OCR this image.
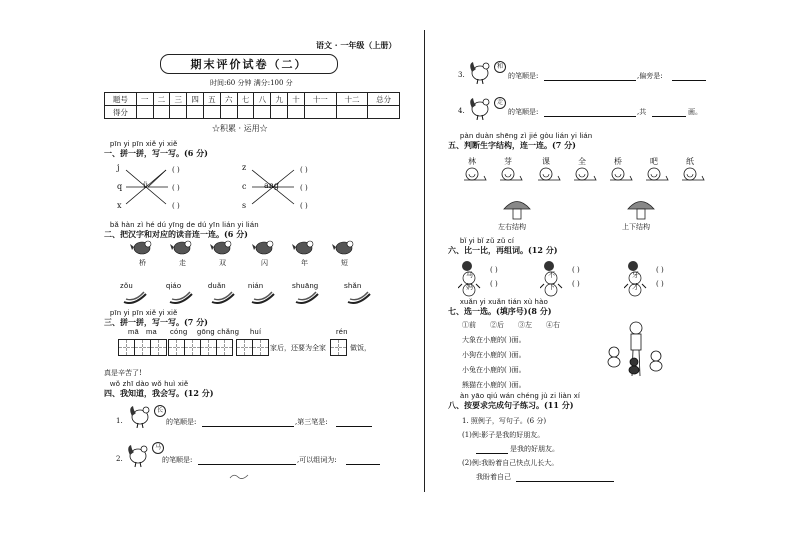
语文 · 一年级（上册）
期末评价试卷（二）
时间:60 分钟 满分:100 分
题号	一	二	三	四	五	六	七	八	九	十	十一	十二	总分
得分													
☆积累 · 运用☆
pīn yi pīn xiě yi xiě
一、拼一拼，写一写。(6 分)
j
q
x
ü
( )
( )
( )
z
c
s
ang
( )
( )
( )
bǎ hàn zì hé dú yīng de dú yīn lián yi lián
二、把汉字和对应的读音连一连。(6 分)
桥	走	双	闪	年	短
zǒu	qiáo	duǎn	nián	shuāng	shǎn
pīn yi pīn xiě yi xiě
三、拼一拼，写一写。(7 分)
mā ma cóng gōng chǎng huí	rén
家后，还要为全家	做饭，
真是辛苦了!
wǒ zhī dào wǒ huì xiě
四、我知道，我会写。(12 分)
1.
长
的笔顺是:	,第三笔是:
2.
马
的笔顺是:	,可以组词为:
3.
和
的笔顺是:	,偏旁是:
4.
走
的笔顺是:	,共	画。
pàn duàn shēng zì jié gòu lián yi lián
五、判断生字结构，连一连。(7 分)
林	芽	课	全	桥	吧	纸
左右结构	上下结构
bǐ yi bǐ zǔ zǔ cí
六、比一比，再组词。(12 分)
马
( )
妈 ( )
不
( )
下 ( )
牙
( )
才 ( )
xuǎn yi xuǎn tián xù hào
七、选一选。(填序号)(8 分)
①前 ②后 ③左 ④右
大象在小鹿的( )面。
小狗在小鹿的( )面。
小兔在小鹿的( )面。
熊猫在小鹿的( )面。
àn yāo qiú wán chéng jù zi liàn xí
八、按要求完成句子练习。(11 分)
1. 照例子，写句子。(6 分)
(1)例:影子是我的好朋友。
是我的好朋友。
(2)例:我盼着自己快点儿长大。
我盼着自己
